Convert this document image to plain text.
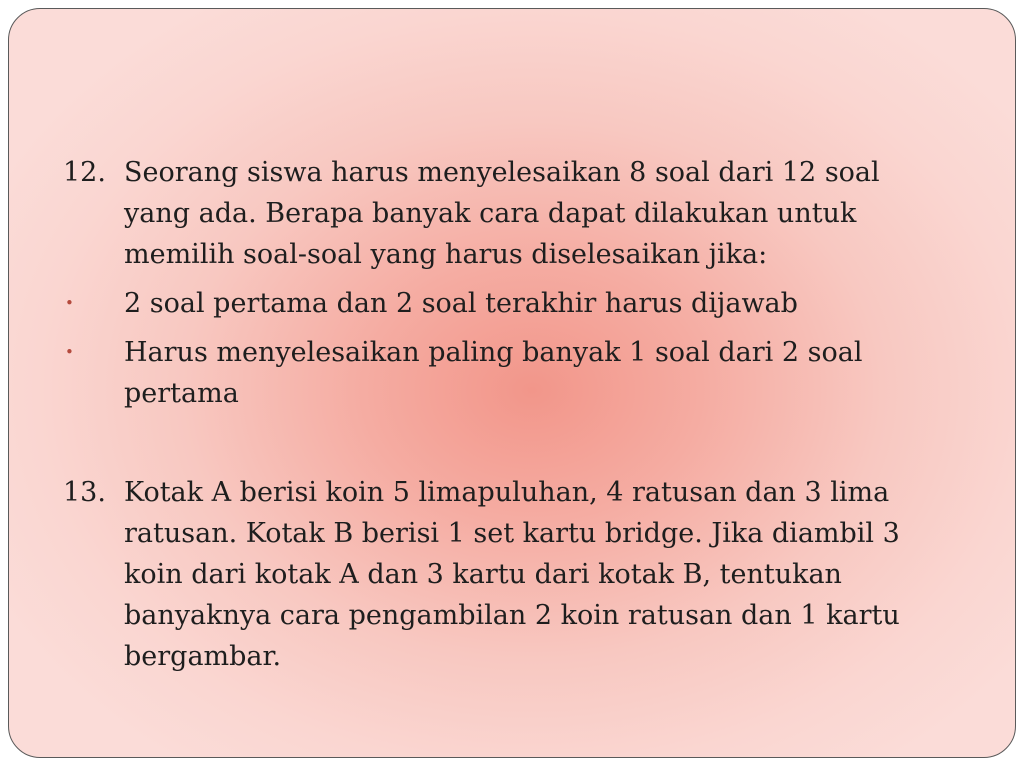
12. Seorang siswa harus menyelesaikan 8 soal dari 12 soal yang ada. Berapa banyak cara dapat dilakukan untuk memilih soal-soal yang harus diselesaikan jika:
•	2 soal pertama dan 2 soal terakhir harus dijawab
•	Harus menyelesaikan paling banyak 1 soal dari 2 soal pertama
13. Kotak A berisi koin 5 limapuluhan, 4 ratusan dan 3 lima ratusan. Kotak B berisi 1 set kartu bridge. Jika diambil 3 koin dari kotak A dan 3 kartu dari kotak B, tentukan banyaknya cara pengambilan 2 koin ratusan dan 1 kartu bergambar.
